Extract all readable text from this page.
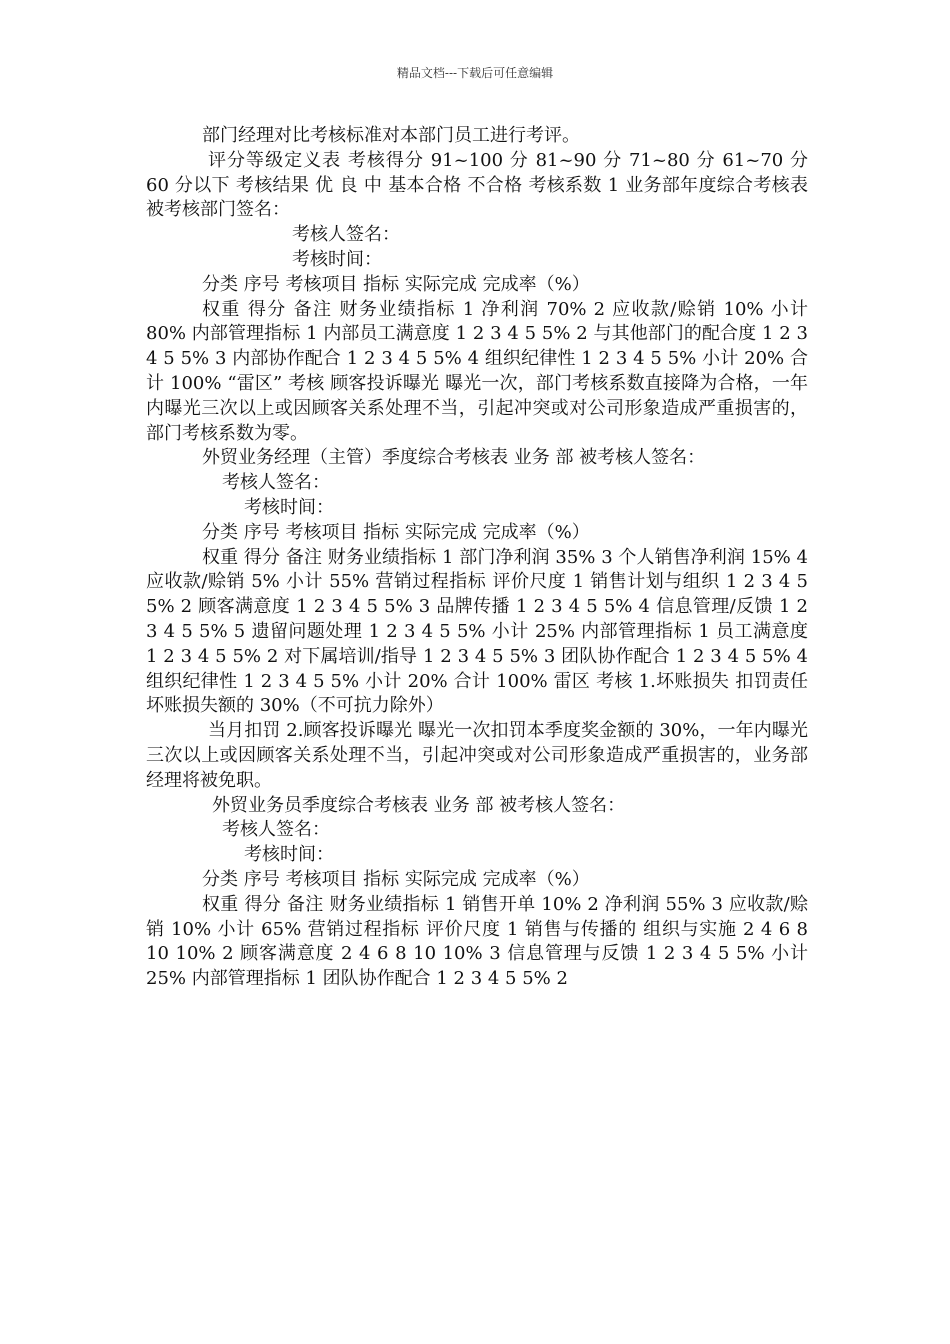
精品文档---下载后可任意编辑

部门经理对比考核标准对本部门员工进行考评。

评分等级定义表 考核得分 91~100 分 81~90 分 71~80 分 61~70 分 60 分以下 考核结果 优 良 中 基本合格 不合格 考核系数 1 业务部年度综合考核表 被考核部门签名：

考核人签名：

考核时间：

分类 序号 考核项目 指标 实际完成 完成率（%）

权重 得分 备注 财务业绩指标 1 净利润 70% 2 应收款/赊销 10% 小计 80% 内部管理指标 1 内部员工满意度 1 2 3 4 5 5% 2 与其他部门的配合度 1 2 3 4 5 5% 3 内部协作配合 1 2 3 4 5 5% 4 组织纪律性 1 2 3 4 5 5% 小计 20% 合计 100% “雷区” 考核 顾客投诉曝光 曝光一次，部门考核系数直接降为合格，一年内曝光三次以上或因顾客关系处理不当，引起冲突或对公司形象造成严重损害的，部门考核系数为零。

外贸业务经理（主管）季度综合考核表 业务 部 被考核人签名：

考核人签名：

考核时间：

分类 序号 考核项目 指标 实际完成 完成率（%）

权重 得分 备注 财务业绩指标 1 部门净利润 35% 3 个人销售净利润 15% 4 应收款/赊销 5% 小计 55% 营销过程指标 评价尺度 1 销售计划与组织 1 2 3 4 5 5% 2 顾客满意度 1 2 3 4 5 5% 3 品牌传播 1 2 3 4 5 5% 4 信息管理/反馈 1 2 3 4 5 5% 5 遗留问题处理 1 2 3 4 5 5% 小计 25% 内部管理指标 1 员工满意度 1 2 3 4 5 5% 2 对下属培训/指导 1 2 3 4 5 5% 3 团队协作配合 1 2 3 4 5 5% 4 组织纪律性 1 2 3 4 5 5% 小计 20% 合计 100% 雷区 考核 1.坏账损失 扣罚责任坏账损失额的 30%（不可抗力除外）

当月扣罚 2.顾客投诉曝光 曝光一次扣罚本季度奖金额的 30%，一年内曝光三次以上或因顾客关系处理不当，引起冲突或对公司形象造成严重损害的，业务部经理将被免职。

外贸业务员季度综合考核表 业务 部 被考核人签名：

考核人签名：

考核时间：

分类 序号 考核项目 指标 实际完成 完成率（%）

权重 得分 备注 财务业绩指标 1 销售开单 10% 2 净利润 55% 3 应收款/赊销 10% 小计 65% 营销过程指标 评价尺度 1 销售与传播的 组织与实施 2 4 6 8 10 10% 2 顾客满意度 2 4 6 8 10 10% 3 信息管理与反馈 1 2 3 4 5 5% 小计 25% 内部管理指标 1 团队协作配合 1 2 3 4 5 5% 2
